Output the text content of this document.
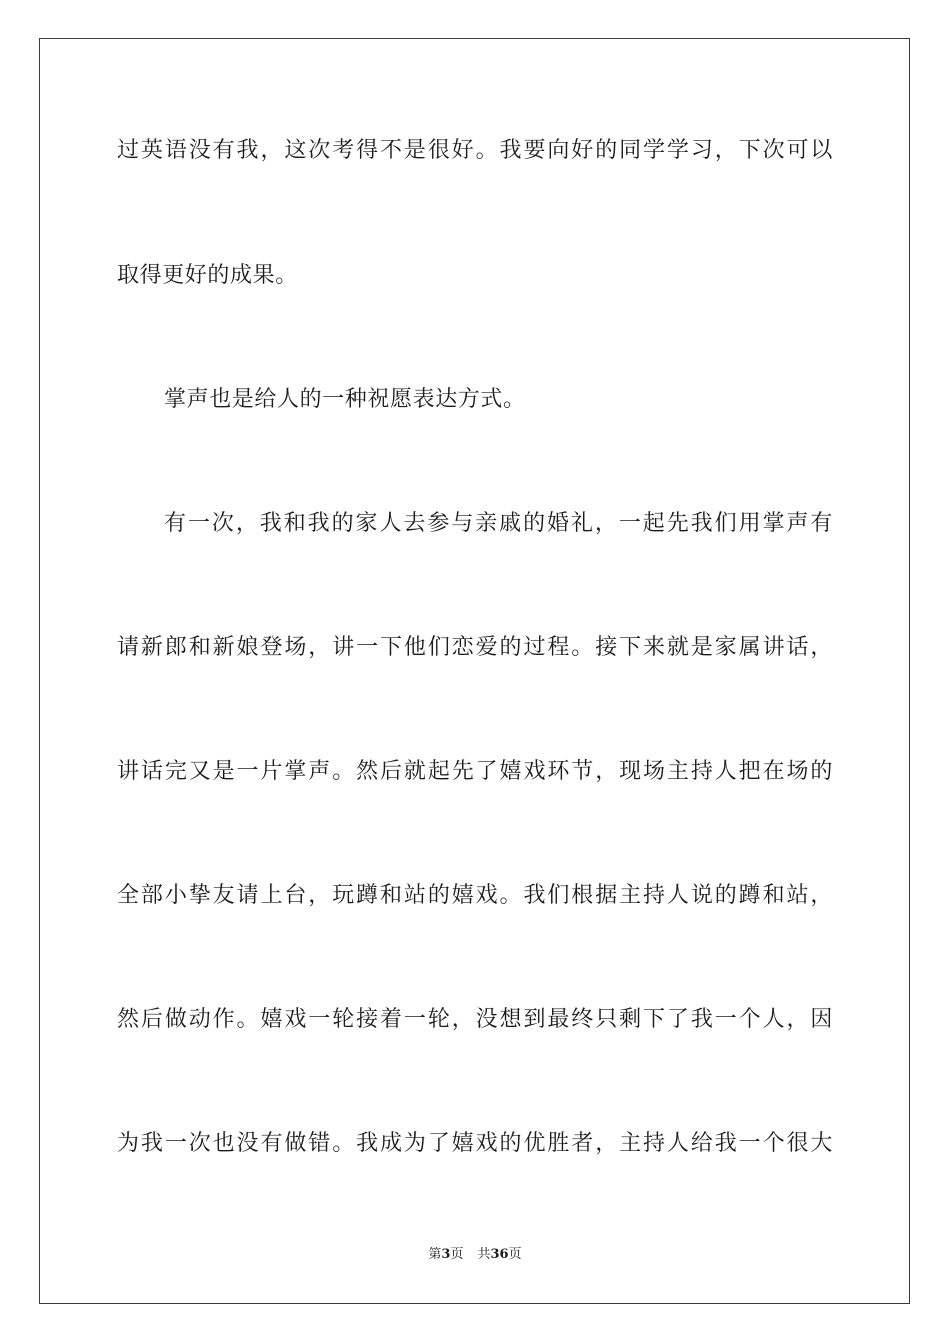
过英语没有我，这次考得不是很好。我要向好的同学学习，下次可以
取得更好的成果。
掌声也是给人的一种祝愿表达方式。
有一次，我和我的家人去参与亲戚的婚礼，一起先我们用掌声有
请新郎和新娘登场，讲一下他们恋爱的过程。接下来就是家属讲话，
讲话完又是一片掌声。然后就起先了嬉戏环节，现场主持人把在场的
全部小挚友请上台，玩蹲和站的嬉戏。我们根据主持人说的蹲和站，
然后做动作。嬉戏一轮接着一轮，没想到最终只剩下了我一个人，因
为我一次也没有做错。我成为了嬉戏的优胜者，主持人给我一个很大
第3页 共36页
